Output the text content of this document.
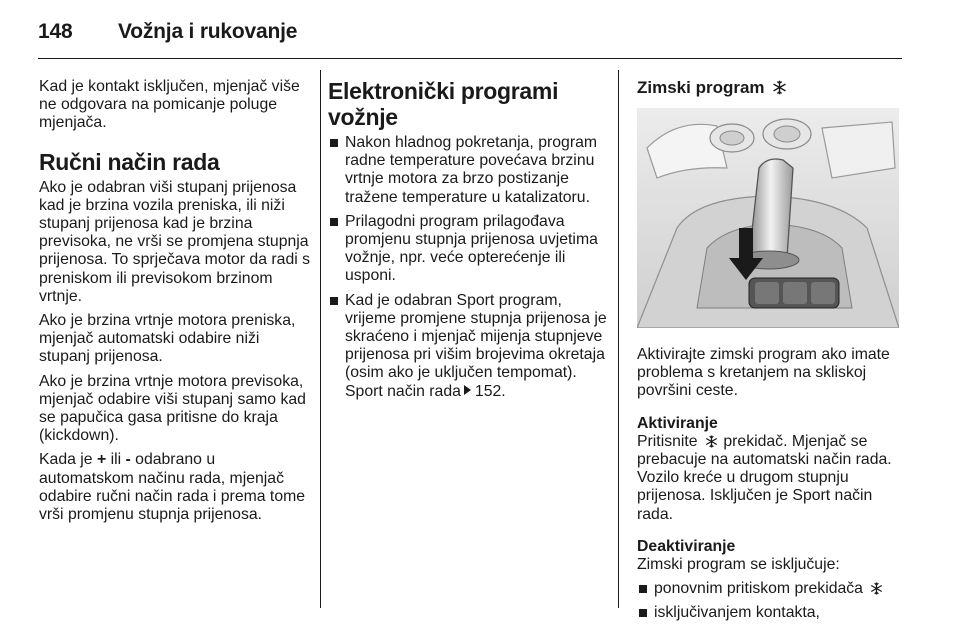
148	Vožnja i rukovanje

Kad je kontakt isključen, mjenjač više ne odgovara na pomicanje poluge mjenjača.

Ručni način rada

Ako je odabran viši stupanj prijenosa kad je brzina vozila preniska, ili niži stupanj prijenosa kad je brzina previsoka, ne vrši se promjena stupnja prijenosa. To sprječava motor da radi s preniskom ili previsokom brzinom vrtnje.

Ako je brzina vrtnje motora preniska, mjenjač automatski odabire niži stupanj prijenosa.

Ako je brzina vrtnje motora previsoka, mjenjač odabire viši stupanj samo kad se papučica gasa pritisne do kraja (kickdown).

Kada je + ili - odabrano u automatskom načinu rada, mjenjač odabire ručni način rada i prema tome vrši promjenu stupnja prijenosa.

Elektronički programi vožnje
Nakon hladnog pokretanja, program radne temperature povećava brzinu vrtnje motora za brzo postizanje tražene temperature u katalizatoru.
Prilagodni program prilagođava promjenu stupnja prijenosa uvjetima vožnje, npr. veće opterećenje ili usponi.
Kad je odabran Sport program, vrijeme promjene stupnja prijenosa je skraćeno i mjenjač mijenja stupnjeve prijenosa pri višim brojevima okretaja (osim ako je uključen tempomat). Sport način rada 152.
Zimski program

Aktivirajte zimski program ako imate problema s kretanjem na skliskoj površini ceste.

Aktiviranje

Pritisnite
prekidač. Mjenjač se prebacuje na automatski način rada. Vozilo kreće u drugom stupnju prijenosa. Isključen je Sport način rada.

Deaktiviranje

Zimski program se isključuje:

ponovnim pritiskom prekidača
isključivanjem kontakta,
